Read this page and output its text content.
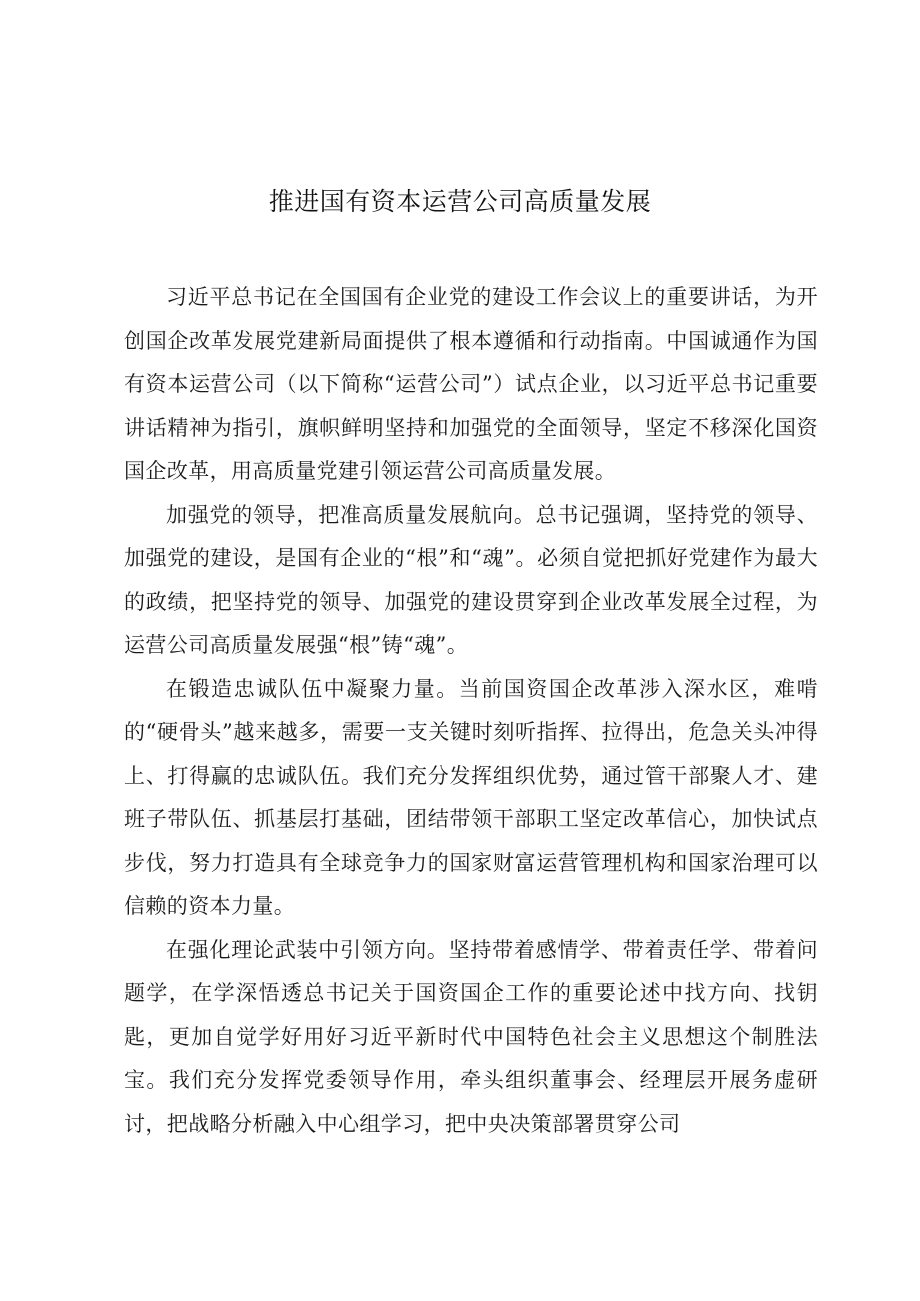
推进国有资本运营公司高质量发展

习近平总书记在全国国有企业党的建设工作会议上的重要讲话，为开创国企改革发展党建新局面提供了根本遵循和行动指南。中国诚通作为国有资本运营公司（以下简称“运营公司”）试点企业，以习近平总书记重要讲话精神为指引，旗帜鲜明坚持和加强党的全面领导，坚定不移深化国资国企改革，用高质量党建引领运营公司高质量发展。

加强党的领导，把准高质量发展航向。总书记强调，坚持党的领导、加强党的建设，是国有企业的“根”和“魂”。必须自觉把抓好党建作为最大的政绩，把坚持党的领导、加强党的建设贯穿到企业改革发展全过程，为运营公司高质量发展强“根”铸“魂”。

在锻造忠诚队伍中凝聚力量。当前国资国企改革涉入深水区，难啃的“硬骨头”越来越多，需要一支关键时刻听指挥、拉得出，危急关头冲得上、打得赢的忠诚队伍。我们充分发挥组织优势，通过管干部聚人才、建班子带队伍、抓基层打基础，团结带领干部职工坚定改革信心，加快试点步伐，努力打造具有全球竞争力的国家财富运营管理机构和国家治理可以信赖的资本力量。

在强化理论武装中引领方向。坚持带着感情学、带着责任学、带着问题学，在学深悟透总书记关于国资国企工作的重要论述中找方向、找钥匙，更加自觉学好用好习近平新时代中国特色社会主义思想这个制胜法宝。我们充分发挥党委领导作用，牵头组织董事会、经理层开展务虚研讨，把战略分析融入中心组学习，把中央决策部署贯穿公司
